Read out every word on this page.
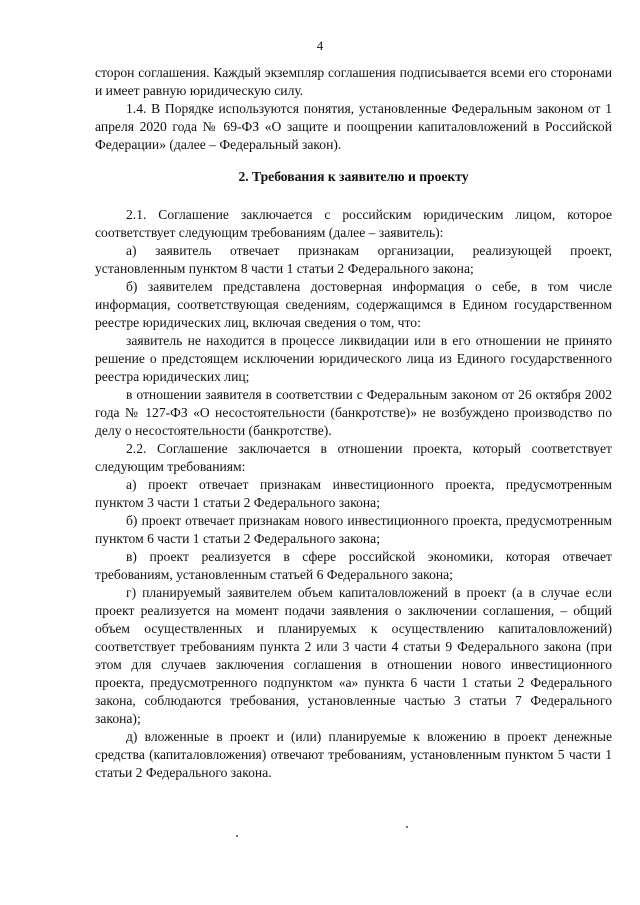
4

сторон соглашения. Каждый экземпляр соглашения подписывается всеми его сторонами и имеет равную юридическую силу.

1.4. В Порядке используются понятия, установленные Федеральным законом от 1 апреля 2020 года № 69-ФЗ «О защите и поощрении капиталовложений в Российской Федерации» (далее – Федеральный закон).

2. Требования к заявителю и проекту

2.1. Соглашение заключается с российским юридическим лицом, которое соответствует следующим требованиям (далее – заявитель):

а) заявитель отвечает признакам организации, реализующей проект, установленным пунктом 8 части 1 статьи 2 Федерального закона;

б) заявителем представлена достоверная информация о себе, в том числе информация, соответствующая сведениям, содержащимся в Едином государственном реестре юридических лиц, включая сведения о том, что:

заявитель не находится в процессе ликвидации или в его отношении не принято решение о предстоящем исключении юридического лица из Единого государственного реестра юридических лиц;

в отношении заявителя в соответствии с Федеральным законом от 26 октября 2002 года № 127-ФЗ «О несостоятельности (банкротстве)» не возбуждено производство по делу о несостоятельности (банкротстве).

2.2. Соглашение заключается в отношении проекта, который соответствует следующим требованиям:

а) проект отвечает признакам инвестиционного проекта, предусмотренным пунктом 3 части 1 статьи 2 Федерального закона;

б) проект отвечает признакам нового инвестиционного проекта, предусмотренным пунктом 6 части 1 статьи 2 Федерального закона;

в) проект реализуется в сфере российской экономики, которая отвечает требованиям, установленным статьей 6 Федерального закона;

г) планируемый заявителем объем капиталовложений в проект (а в случае если проект реализуется на момент подачи заявления о заключении соглашения, – общий объем осуществленных и планируемых к осуществлению капиталовложений) соответствует требованиям пункта 2 или 3 части 4 статьи 9 Федерального закона (при этом для случаев заключения соглашения в отношении нового инвестиционного проекта, предусмотренного подпунктом «а» пункта 6 части 1 статьи 2 Федерального закона, соблюдаются требования, установленные частью 3 статьи 7 Федерального закона);

д) вложенные в проект и (или) планируемые к вложению в проект денежные средства (капиталовложения) отвечают требованиям, установленным пунктом 5 части 1 статьи 2 Федерального закона.
